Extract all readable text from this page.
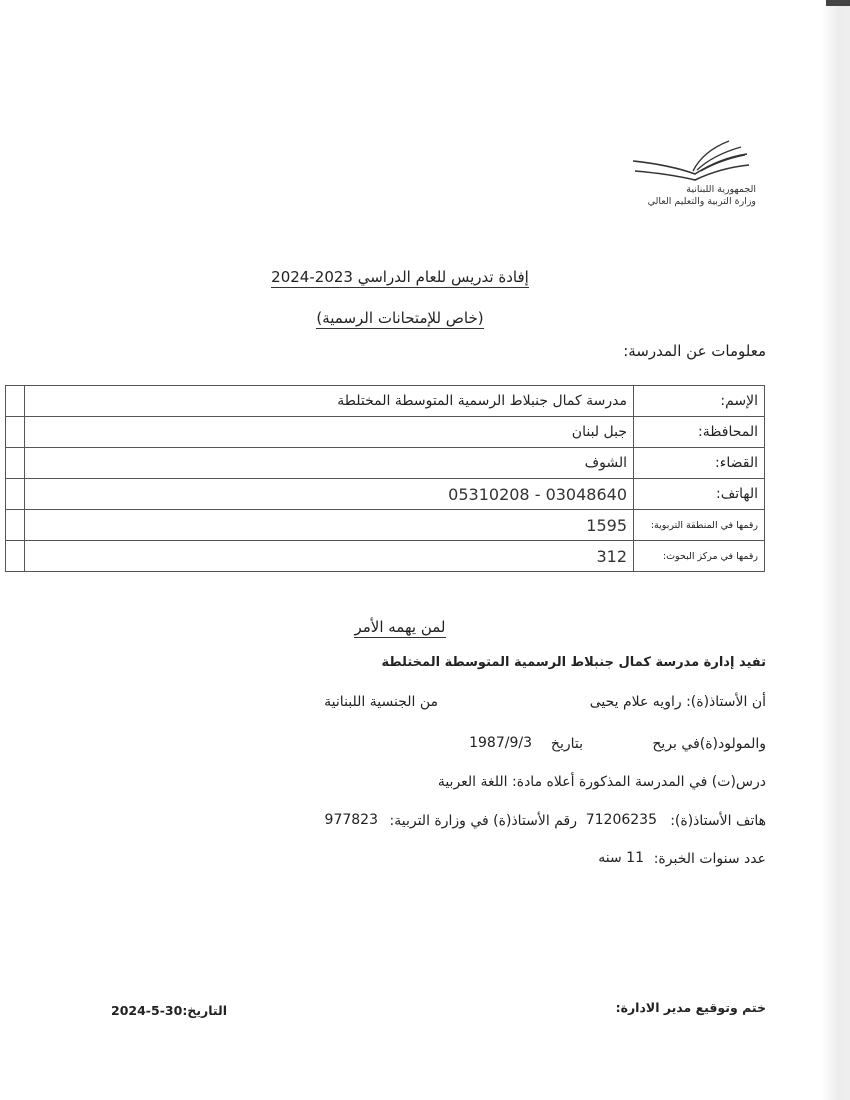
الجمهورية اللبنانية
وزارة التربية والتعليم العالي
إفادة تدريس للعام الدراسي 2023-2024
(خاص للإمتحانات الرسمية)
معلومات عن المدرسة:
الإسم:	مدرسة كمال جنبلاط الرسمية المتوسطة المختلطة	
المحافظة:	جبل لبنان	
القضاء:	الشوف	
الهاتف:	03048640 - 05310208	
رقمها في المنطقة التربوية:	1595	
رقمها في مركز البحوث:	312	
لمن يهمه الأمر
تفيد إدارة مدرسة كمال جنبلاط الرسمية المتوسطة المختلطة
أن الأستاذ(ة): راويه علام يحيى
من الجنسية اللبنانية
والمولود(ة)في بريح
بتاريخ
1987/9/3
درس(ت) في المدرسة المذكورة أعلاه مادة: اللغة العربية
هاتف الأستاذ(ة):
71206235
رقم الأستاذ(ة) في وزارة التربية:
977823
عدد سنوات الخبرة:
11 سنه
ختم وتوقيع مدير الادارة:
التاريخ:30-5-2024
